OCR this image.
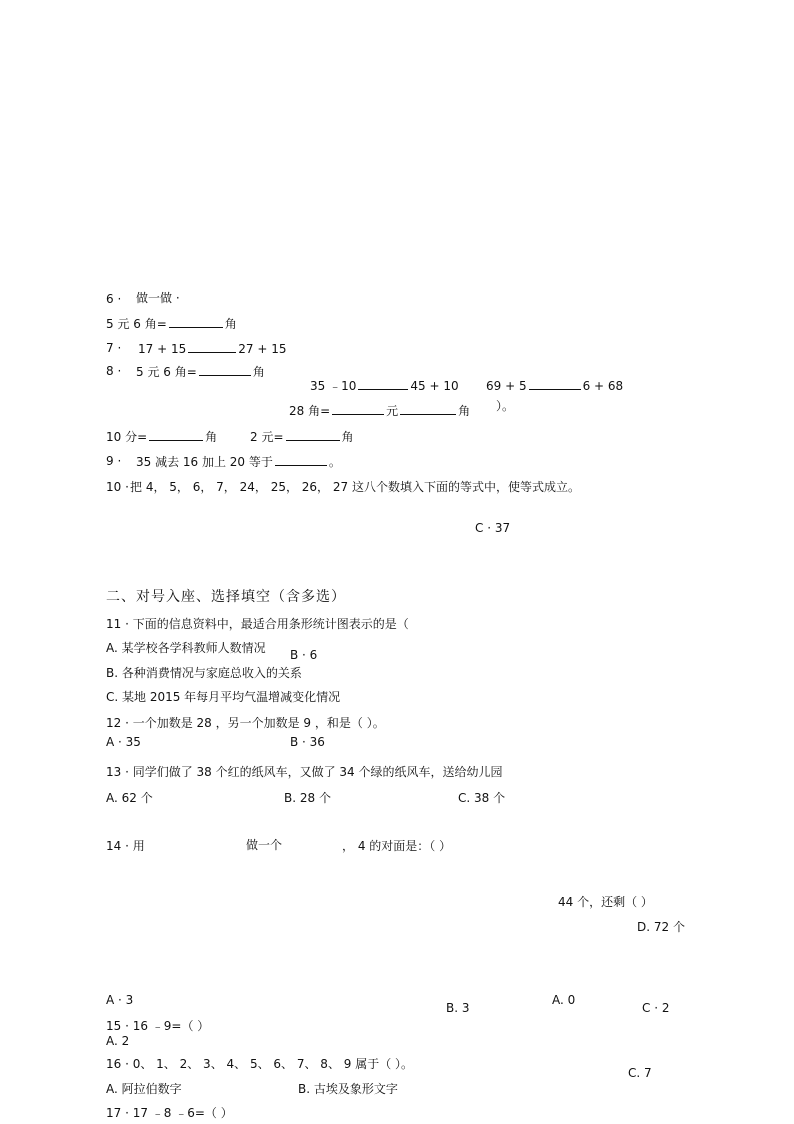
6 · 做一做 ·
5 元 6 角=	角
7 · 17 + 15	27 + 15
8 · 5 元 6 角=	角
35 ﹣10	45 + 10 69 + 5	6 + 68
28 角=	元	角 ）。
10 分=	角	2 元=	角
9 · 35 减去 16 加上 20 等于	。
10 · 把 4， 5， 6， 7， 24， 25， 26， 27 这八个数填入下面的等式中，使等式成立。
C · 37
二、对号入座、选择填空（含多选）
11 · 下面的信息资料中，最适合用条形统计图表示的是（
A. 某学校各学科教师人数情况 B · 6
B. 各种消费情况与家庭总收入的关系
C. 某地 2015 年每月平均气温增减变化情况
12 · 一个加数是 28 ，另一个加数是 9 ，和是（ ）。
A · 35	B · 36
13 · 同学们做了 38 个红的纸风车，又做了 34 个绿的纸风车，送给幼儿园
A. 62 个	B. 28 个	C. 38 个
14 · 用	做一个	， 4 的对面是：（ ）
44 个，还剩（ ）
D. 72 个
A · 3
B. 3
A. 0
C · 2
15 · 16 ﹣9=（ ）
A. 2
16 · 0、 1、 2、 3、 4、 5、 6、 7、 8、 9 属于（ ）。
C. 7
A. 阿拉伯数字	B. 古埃及象形文字
17 · 17 ﹣8 ﹣6=（ ）
